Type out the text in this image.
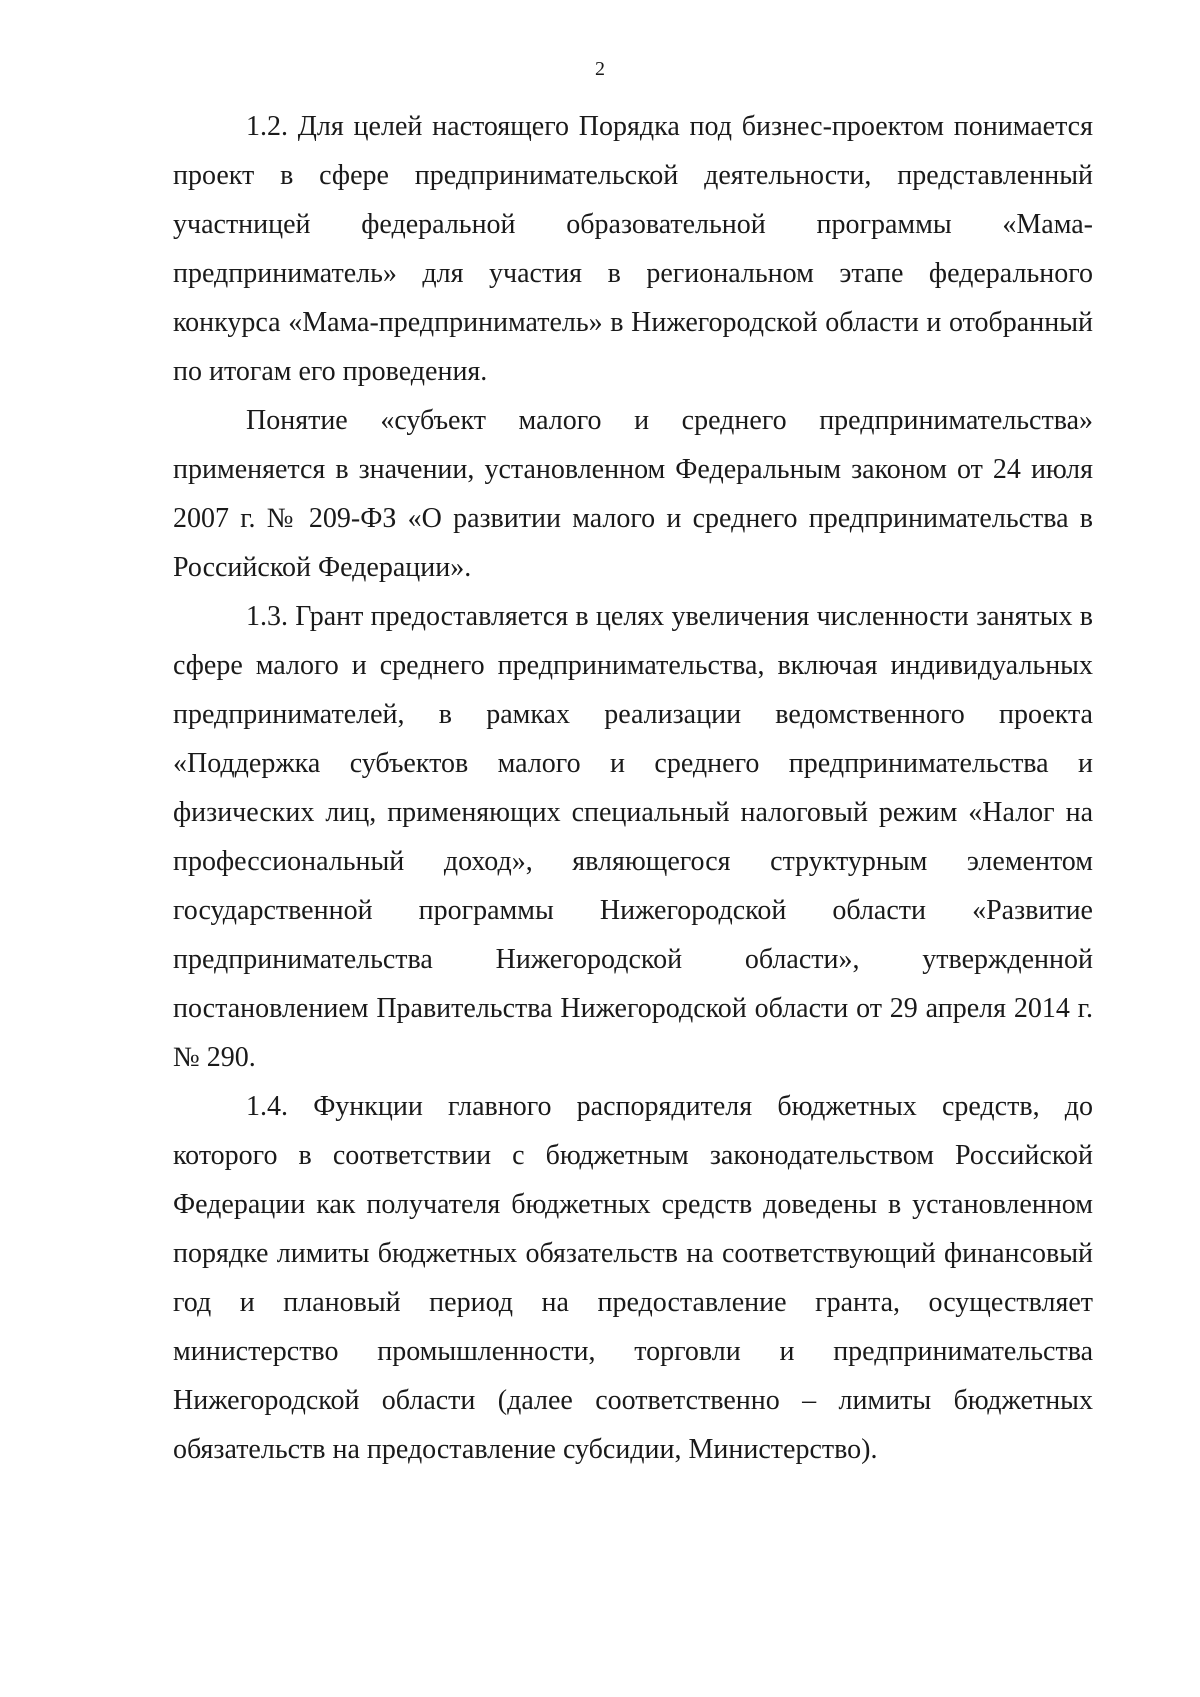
2

1.2. Для целей настоящего Порядка под бизнес-проектом понимается проект в сфере предпринимательской деятельности, представленный участницей федеральной образовательной программы «Мама-предприниматель» для участия в региональном этапе федерального конкурса «Мама-предприниматель» в Нижегородской области и отобранный по итогам его проведения.

Понятие «субъект малого и среднего предпринимательства» применяется в значении, установленном Федеральным законом от 24 июля 2007 г. № 209-ФЗ «О развитии малого и среднего предпринимательства в Российской Федерации».

1.3. Грант предоставляется в целях увеличения численности занятых в сфере малого и среднего предпринимательства, включая индивидуальных предпринимателей, в рамках реализации ведомственного проекта «Поддержка субъектов малого и среднего предпринимательства и физических лиц, применяющих специальный налоговый режим «Налог на профессиональный доход», являющегося структурным элементом государственной программы Нижегородской области «Развитие предпринимательства Нижегородской области», утвержденной постановлением Правительства Нижегородской области от 29 апреля 2014 г. № 290.

1.4. Функции главного распорядителя бюджетных средств, до которого в соответствии с бюджетным законодательством Российской Федерации как получателя бюджетных средств доведены в установленном порядке лимиты бюджетных обязательств на соответствующий финансовый год и плановый период на предоставление гранта, осуществляет министерство промышленности, торговли и предпринимательства Нижегородской области (далее соответственно – лимиты бюджетных обязательств на предоставление субсидии, Министерство).
